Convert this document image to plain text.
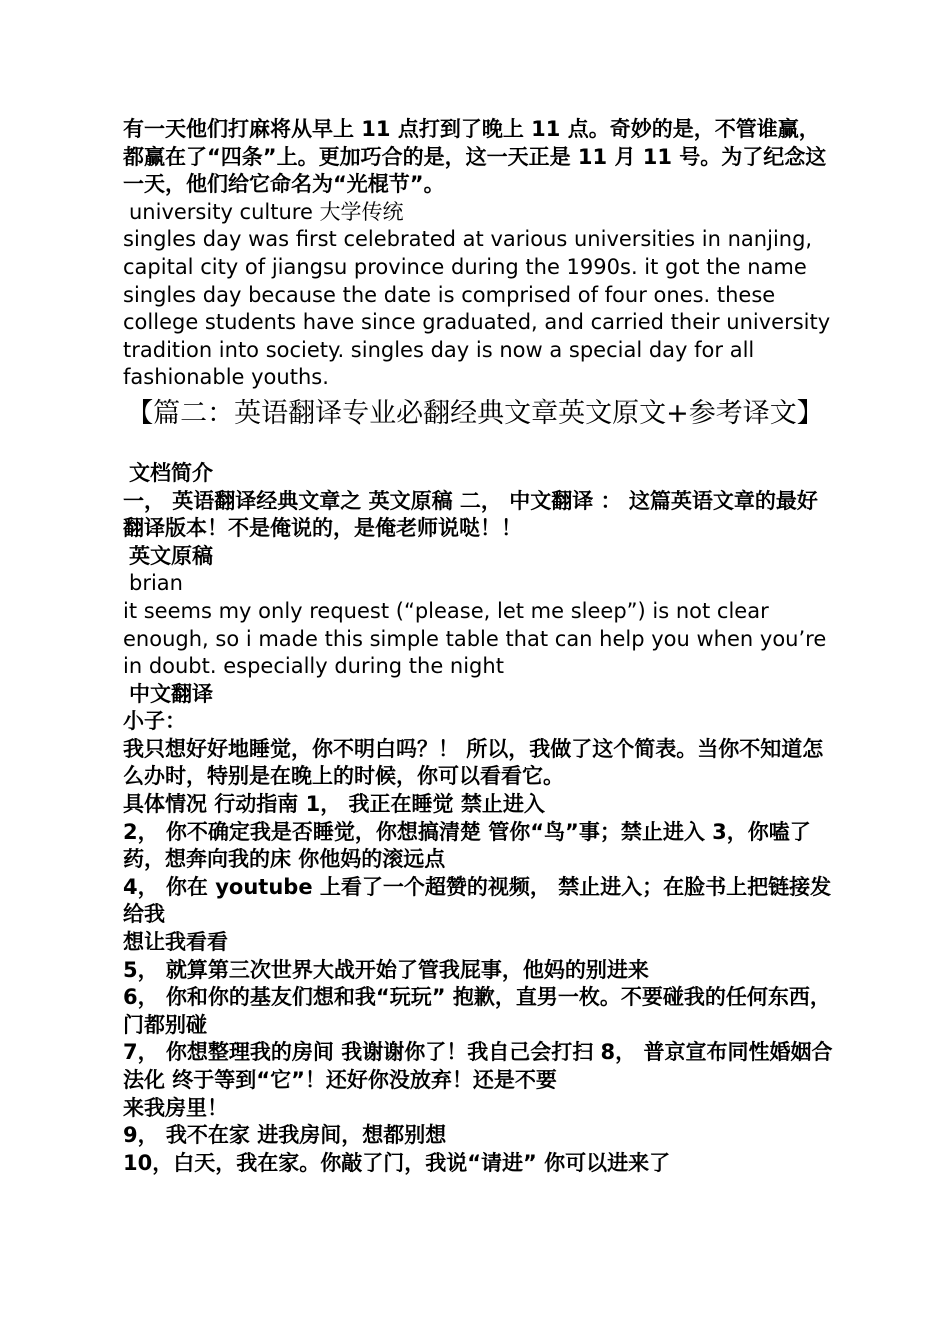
有一天他们打麻将从早上 11 点打到了晚上 11 点。奇妙的是，不管谁赢，都赢在了“四条”上。更加巧合的是，这一天正是 11 月 11 号。为了纪念这一天，他们给它命名为“光棍节”。

university culture 大学传统

singles day was first celebrated at various universities in nanjing, capital city of jiangsu province during the 1990s. it got the name singles day because the date is comprised of four ones. these college students have since graduated, and carried their university tradition into society. singles day is now a special day for all fashionable youths.

【篇二：英语翻译专业必翻经典文章英文原文+参考译文】

文档简介

一， 英语翻译经典文章之 英文原稿 二， 中文翻译 ： 这篇英语文章的最好翻译版本！不是俺说的，是俺老师说哒！！

英文原稿

brian

it seems my only request (“please, let me sleep”) is not clear enough, so i made this simple table that can help you when you’re in doubt. especially during the night

中文翻译

小子：

我只想好好地睡觉，你不明白吗？！ 所以，我做了这个简表。当你不知道怎么办时，特别是在晚上的时候，你可以看看它。

具体情况 行动指南 1， 我正在睡觉 禁止进入

2， 你不确定我是否睡觉，你想搞清楚 管你“鸟”事；禁止进入 3，你嗑了药，想奔向我的床 你他妈的滚远点

4， 你在 youtube 上看了一个超赞的视频， 禁止进入；在脸书上把链接发给我

想让我看看

5， 就算第三次世界大战开始了管我屁事，他妈的别进来

6， 你和你的基友们想和我“玩玩” 抱歉，直男一枚。不要碰我的任何东西，

门都别碰

7， 你想整理我的房间 我谢谢你了！我自己会打扫 8， 普京宣布同性婚姻合法化 终于等到“它”！还好你没放弃！还是不要

来我房里！

9， 我不在家 进我房间，想都别想

10，白天，我在家。你敲了门，我说“请进” 你可以进来了
